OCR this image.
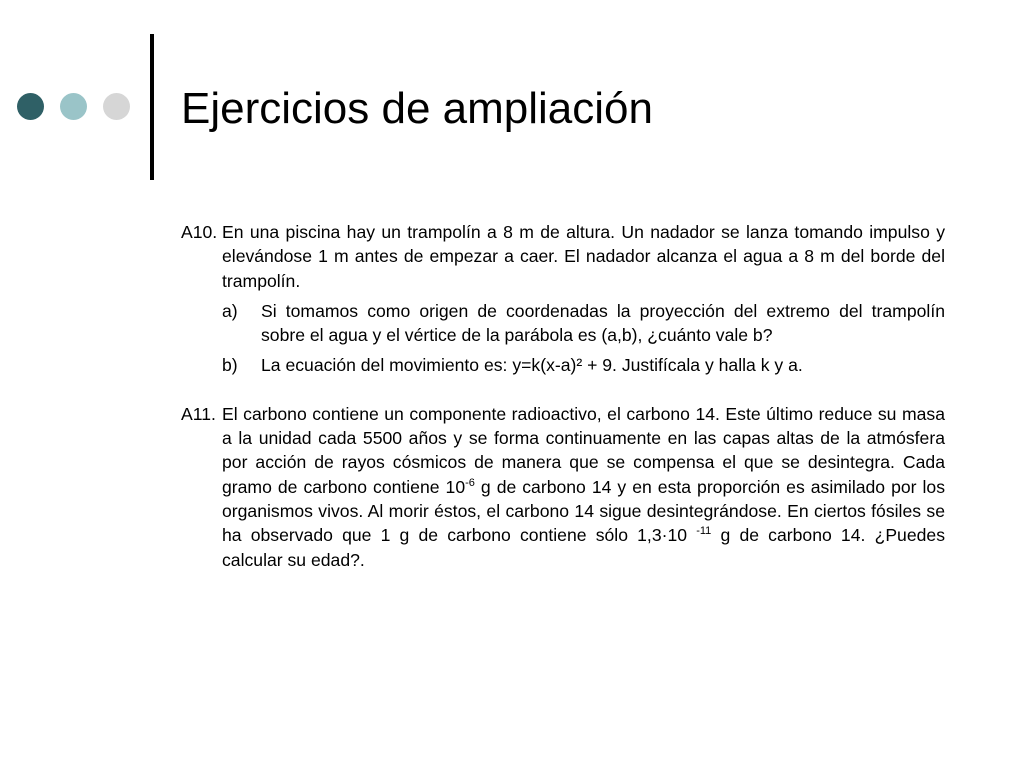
Ejercicios de ampliación
A10. En una piscina hay un trampolín a 8 m de altura. Un nadador se lanza tomando impulso y elevándose 1 m antes de empezar a caer. El nadador alcanza el agua a 8 m del borde del trampolín.
a) Si tomamos como origen de coordenadas la proyección del extremo del trampolín sobre el agua y el vértice de la parábola es (a,b), ¿cuánto vale b?
b) La ecuación del movimiento es: y=k(x-a)² + 9. Justifícala y halla k y a.
A11. El carbono contiene un componente radioactivo, el carbono 14. Este último reduce su masa a la unidad cada 5500 años y se forma continuamente en las capas altas de la atmósfera por acción de rayos cósmicos de manera que se compensa el que se desintegra. Cada gramo de carbono contiene $10^{-6}$ g de carbono 14 y en esta proporción es asimilado por los organismos vivos. Al morir éstos, el carbono 14 sigue desintegrándose. En ciertos fósiles se ha observado que 1 g de carbono contiene sólo 1,3·10 $^{-11}$ g de carbono 14. ¿Puedes calcular su edad?.
